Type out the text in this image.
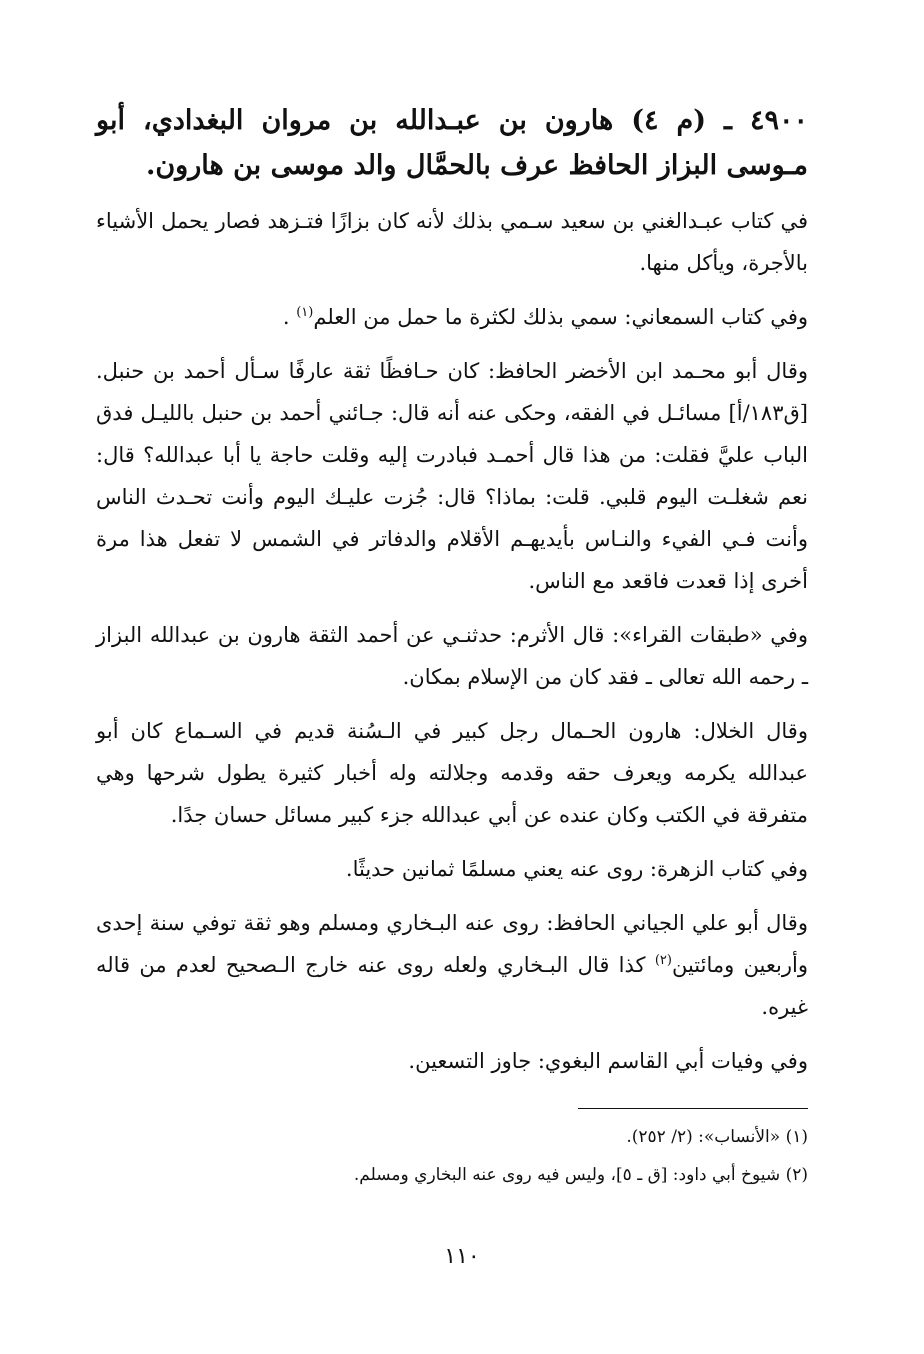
٤٩٠٠ ـ (م ٤) هارون بن عبـدالله بن مروان البغدادي، أبو مـوسى البزاز الحافظ عرف بالحمَّال والد موسى بن هارون.

في كتاب عبـدالغني بن سعيد سـمي بذلك لأنه كان بزازًا فتـزهد فصار يحمل الأشياء بالأجرة، ويأكل منها.

وفي كتاب السمعاني: سمي بذلك لكثرة ما حمل من العلم$^{(١)}$ .

وقال أبو محـمد ابن الأخضر الحافظ: كان حـافظًا ثقة عارفًا سـأل أحمد بن حنبل. [ق١٨٣/أ] مسائـل في الفقه، وحكى عنه أنه قال: جـائني أحمد بن حنبل بالليـل فدق الباب عليَّ فقلت: من هذا قال أحمـد فبادرت إليه وقلت حاجة يا أبا عبدالله؟ قال: نعم شغلـت اليوم قلبي. قلت: بماذا؟ قال: جُزت عليـك اليوم وأنت تحـدث الناس وأنت فـي الفيء والنـاس بأيديهـم الأقلام والدفاتر في الشمس لا تفعل هذا مرة أخرى إذا قعدت فاقعد مع الناس.

وفي «طبقات القراء»: قال الأثرم: حدثنـي عن أحمد الثقة هارون بن عبدالله البزاز ـ رحمه الله تعالى ـ فقد كان من الإسلام بمكان.

وقال الخلال: هارون الحـمال رجل كبير في الـسُنة قديم في السـماع كان أبو عبدالله يكرمه ويعرف حقه وقدمه وجلالته وله أخبار كثيرة يطول شرحها وهي متفرقة في الكتب وكان عنده عن أبي عبدالله جزء كبير مسائل حسان جدًا.

وفي كتاب الزهرة: روى عنه يعني مسلمًا ثمانين حديثًا.

وقال أبو علي الجياني الحافظ: روى عنه البـخاري ومسلم وهو ثقة توفي سنة إحدى وأربعين ومائتين$^{(٢)}$ كذا قال البـخاري ولعله روى عنه خارج الـصحيح لعدم من قاله غيره.

وفي وفيات أبي القاسم البغوي: جاوز التسعين.

(١) «الأنساب»: (٢/ ٢٥٢).

(٢) شيوخ أبي داود: [ق ـ ٥]، وليس فيه روى عنه البخاري ومسلم.

١١٠
